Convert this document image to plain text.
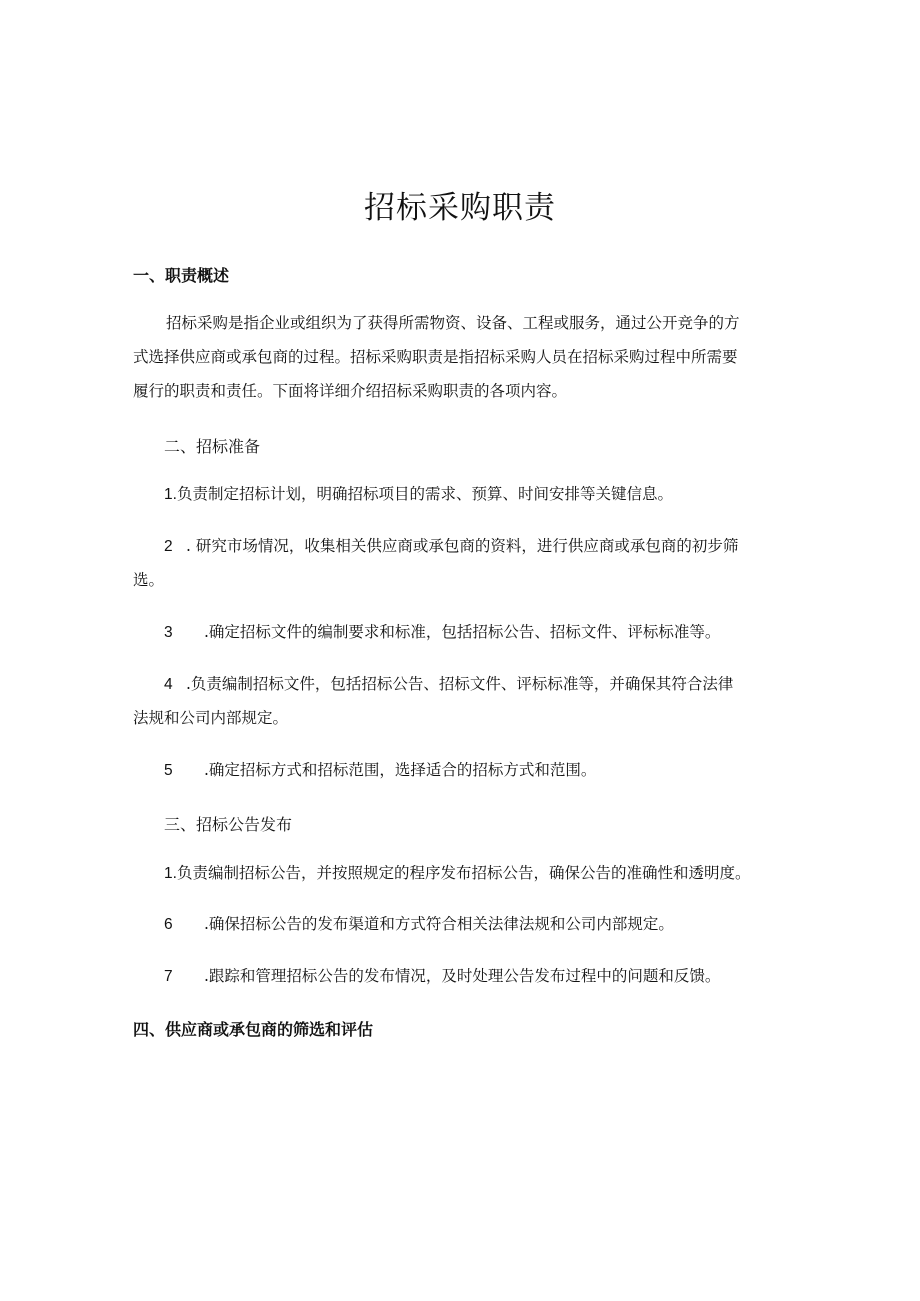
招标采购职责
一、职责概述
招标采购是指企业或组织为了获得所需物资、设备、工程或服务，通过公开竞争的方
式选择供应商或承包商的过程。招标采购职责是指招标采购人员在招标采购过程中所需要
履行的职责和责任。下面将详细介绍招标采购职责的各项内容。
二、招标准备
1.负责制定招标计划，明确招标项目的需求、预算、时间安排等关键信息。
2 . 研究市场情况，收集相关供应商或承包商的资料，进行供应商或承包商的初步筛
选。
3 .确定招标文件的编制要求和标准，包括招标公告、招标文件、评标标准等。
4 .负责编制招标文件，包括招标公告、招标文件、评标标准等，并确保其符合法律
法规和公司内部规定。
5 .确定招标方式和招标范围，选择适合的招标方式和范围。
三、招标公告发布
1.负责编制招标公告，并按照规定的程序发布招标公告，确保公告的准确性和透明度。
6 .确保招标公告的发布渠道和方式符合相关法律法规和公司内部规定。
7 .跟踪和管理招标公告的发布情况，及时处理公告发布过程中的问题和反馈。
四、供应商或承包商的筛选和评估
